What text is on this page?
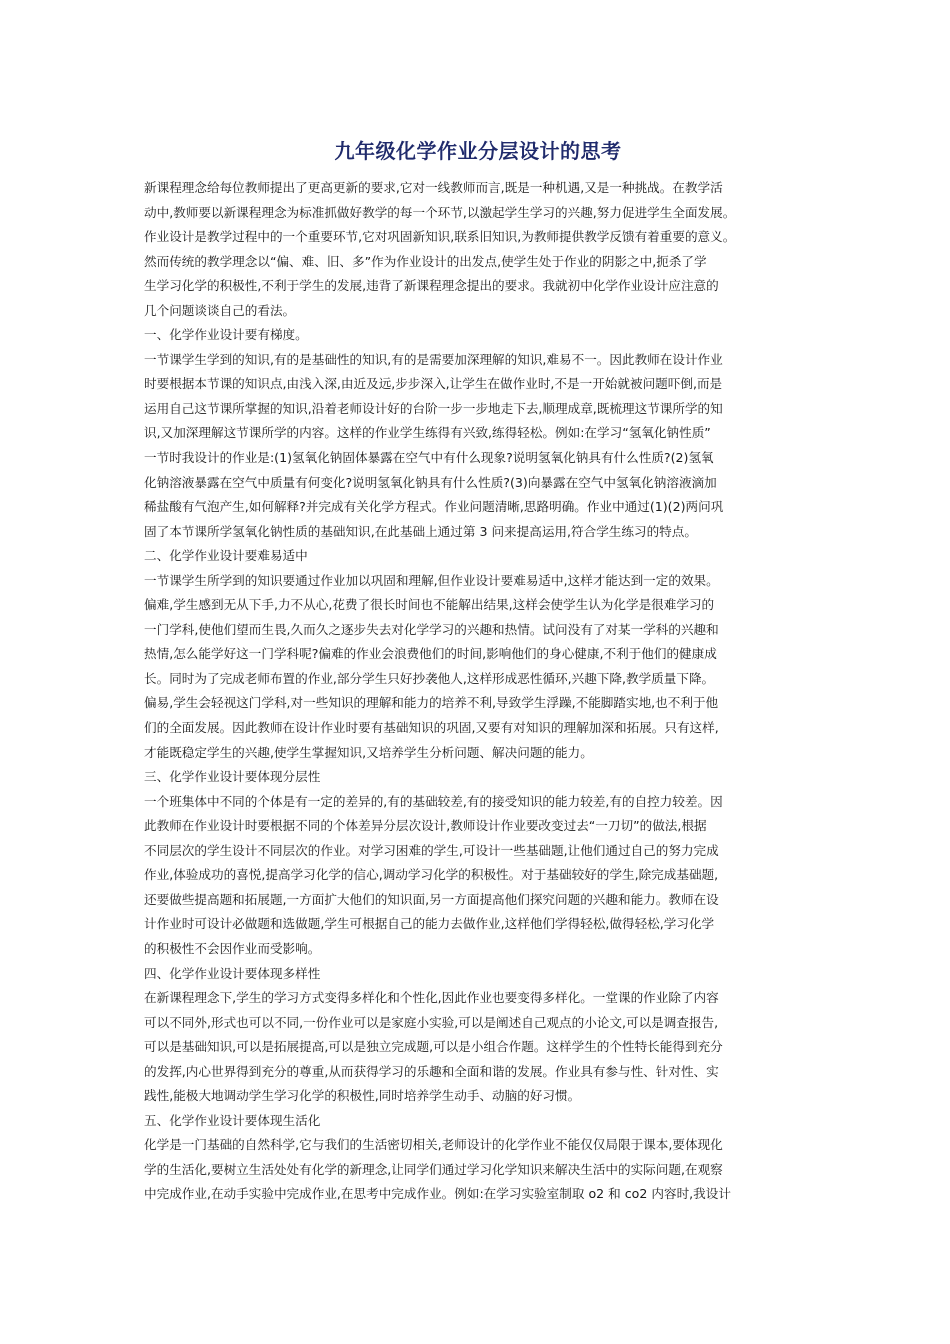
九年级化学作业分层设计的思考
新课程理念给每位教师提出了更高更新的要求,它对一线教师而言,既是一种机遇,又是一种挑战。在教学活
动中,教师要以新课程理念为标准抓做好教学的每一个环节,以激起学生学习的兴趣,努力促进学生全面发展。
作业设计是教学过程中的一个重要环节,它对巩固新知识,联系旧知识,为教师提供教学反馈有着重要的意义。
然而传统的教学理念以“偏、难、旧、多”作为作业设计的出发点,使学生处于作业的阴影之中,扼杀了学
生学习化学的积极性,不利于学生的发展,违背了新课程理念提出的要求。我就初中化学作业设计应注意的
几个问题谈谈自己的看法。
一、化学作业设计要有梯度。
一节课学生学到的知识,有的是基础性的知识,有的是需要加深理解的知识,难易不一。因此教师在设计作业
时要根据本节课的知识点,由浅入深,由近及远,步步深入,让学生在做作业时,不是一开始就被问题吓倒,而是
运用自己这节课所掌握的知识,沿着老师设计好的台阶一步一步地走下去,顺理成章,既梳理这节课所学的知
识,又加深理解这节课所学的内容。这样的作业学生练得有兴致,练得轻松。例如:在学习“氢氧化钠性质”
一节时我设计的作业是:(1)氢氧化钠固体暴露在空气中有什么现象?说明氢氧化钠具有什么性质?(2)氢氧
化钠溶液暴露在空气中质量有何变化?说明氢氧化钠具有什么性质?(3)向暴露在空气中氢氧化钠溶液滴加
稀盐酸有气泡产生,如何解释?并完成有关化学方程式。作业问题清晰,思路明确。作业中通过(1)(2)两问巩
固了本节课所学氢氧化钠性质的基础知识,在此基础上通过第 3 问来提高运用,符合学生练习的特点。
二、化学作业设计要难易适中
一节课学生所学到的知识要通过作业加以巩固和理解,但作业设计要难易适中,这样才能达到一定的效果。
偏难,学生感到无从下手,力不从心,花费了很长时间也不能解出结果,这样会使学生认为化学是很难学习的
一门学科,使他们望而生畏,久而久之逐步失去对化学学习的兴趣和热情。试问没有了对某一学科的兴趣和
热情,怎么能学好这一门学科呢?偏难的作业会浪费他们的时间,影响他们的身心健康,不利于他们的健康成
长。同时为了完成老师布置的作业,部分学生只好抄袭他人,这样形成恶性循环,兴趣下降,教学质量下降。
偏易,学生会轻视这门学科,对一些知识的理解和能力的培养不利,导致学生浮躁,不能脚踏实地,也不利于他
们的全面发展。因此教师在设计作业时要有基础知识的巩固,又要有对知识的理解加深和拓展。只有这样,
才能既稳定学生的兴趣,使学生掌握知识,又培养学生分析问题、解决问题的能力。
三、化学作业设计要体现分层性
一个班集体中不同的个体是有一定的差异的,有的基础较差,有的接受知识的能力较差,有的自控力较差。因
此教师在作业设计时要根据不同的个体差异分层次设计,教师设计作业要改变过去“一刀切”的做法,根据
不同层次的学生设计不同层次的作业。对学习困难的学生,可设计一些基础题,让他们通过自己的努力完成
作业,体验成功的喜悦,提高学习化学的信心,调动学习化学的积极性。对于基础较好的学生,除完成基础题,
还要做些提高题和拓展题,一方面扩大他们的知识面,另一方面提高他们探究问题的兴趣和能力。教师在设
计作业时可设计必做题和选做题,学生可根据自己的能力去做作业,这样他们学得轻松,做得轻松,学习化学
的积极性不会因作业而受影响。
四、化学作业设计要体现多样性
在新课程理念下,学生的学习方式变得多样化和个性化,因此作业也要变得多样化。一堂课的作业除了内容
可以不同外,形式也可以不同,一份作业可以是家庭小实验,可以是阐述自己观点的小论文,可以是调查报告,
可以是基础知识,可以是拓展提高,可以是独立完成题,可以是小组合作题。这样学生的个性特长能得到充分
的发挥,内心世界得到充分的尊重,从而获得学习的乐趣和全面和谐的发展。作业具有参与性、针对性、实
践性,能极大地调动学生学习化学的积极性,同时培养学生动手、动脑的好习惯。
五、化学作业设计要体现生活化
化学是一门基础的自然科学,它与我们的生活密切相关,老师设计的化学作业不能仅仅局限于课本,要体现化
学的生活化,要树立生活处处有化学的新理念,让同学们通过学习化学知识来解决生活中的实际问题,在观察
中完成作业,在动手实验中完成作业,在思考中完成作业。例如:在学习实验室制取 o2 和 co2 内容时,我设计
